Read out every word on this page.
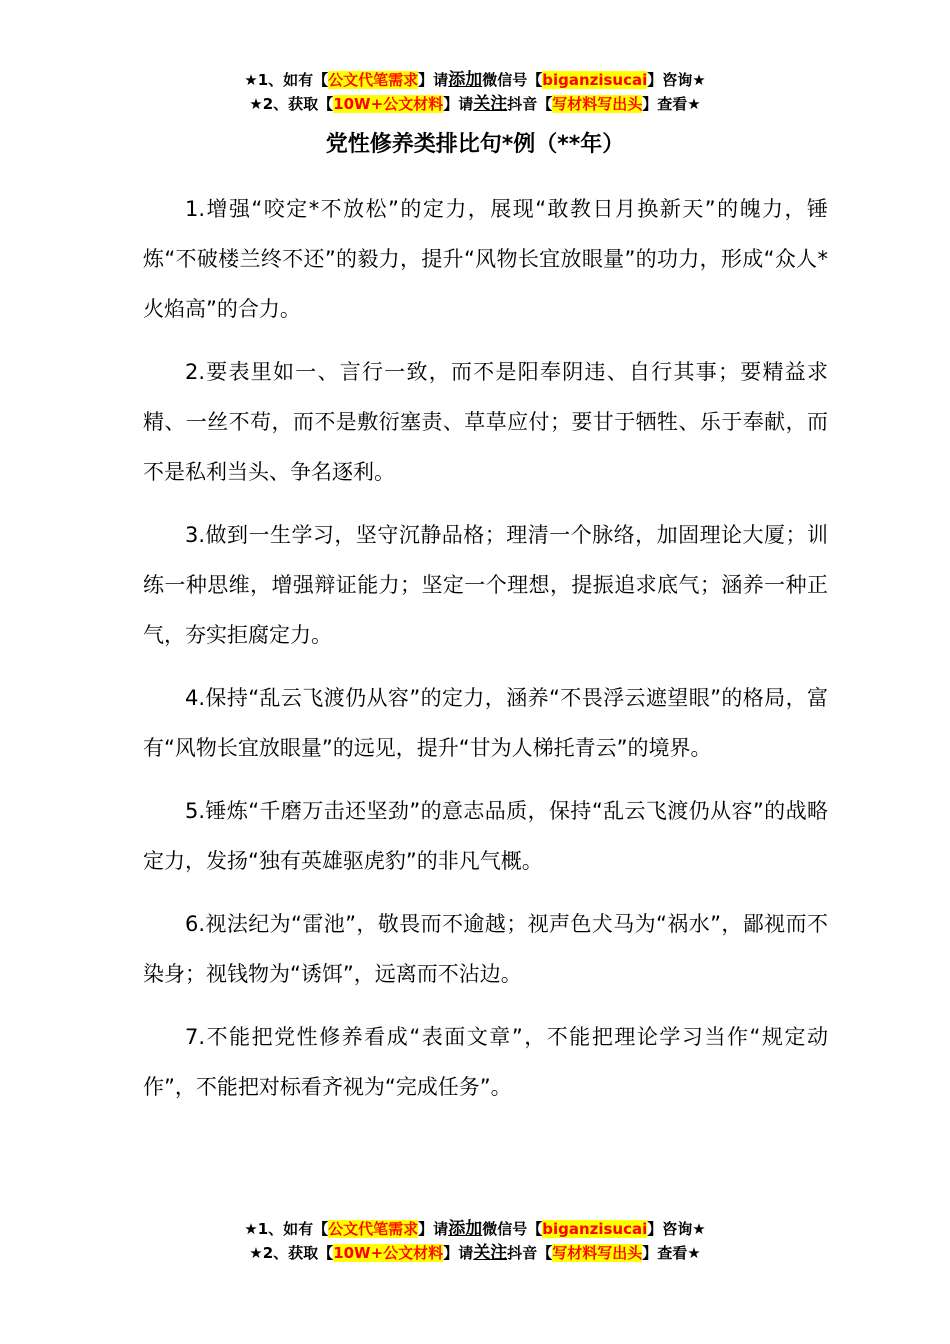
★1、如有【公文代笔需求】请添加微信号【biganzisucai】咨询★
★2、获取【10W+公文材料】请关注抖音【写材料写出头】查看★
党性修养类排比句*例（**年）

1.增强“咬定*不放松”的定力，展现“敢教日月换新天”的魄力，锤炼“不破楼兰终不还”的毅力，提升“风物长宜放眼量”的功力，形成“众人*火焰高”的合力。

2.要表里如一、言行一致，而不是阳奉阴违、自行其事；要精益求精、一丝不苟，而不是敷衍塞责、草草应付；要甘于牺牲、乐于奉献，而不是私利当头、争名逐利。

3.做到一生学习，坚守沉静品格；理清一个脉络，加固理论大厦；训练一种思维，增强辩证能力；坚定一个理想，提振追求底气；涵养一种正气，夯实拒腐定力。

4.保持“乱云飞渡仍从容”的定力，涵养“不畏浮云遮望眼”的格局，富有“风物长宜放眼量”的远见，提升“甘为人梯托青云”的境界。

5.锤炼“千磨万击还坚劲”的意志品质，保持“乱云飞渡仍从容”的战略定力，发扬“独有英雄驱虎豹”的非凡气概。

6.视法纪为“雷池”，敬畏而不逾越；视声色犬马为“祸水”，鄙视而不染身；视钱物为“诱饵”，远离而不沾边。

7.不能把党性修养看成“表面文章”，不能把理论学习当作“规定动作”，不能把对标看齐视为“完成任务”。

★1、如有【公文代笔需求】请添加微信号【biganzisucai】咨询★
★2、获取【10W+公文材料】请关注抖音【写材料写出头】查看★
